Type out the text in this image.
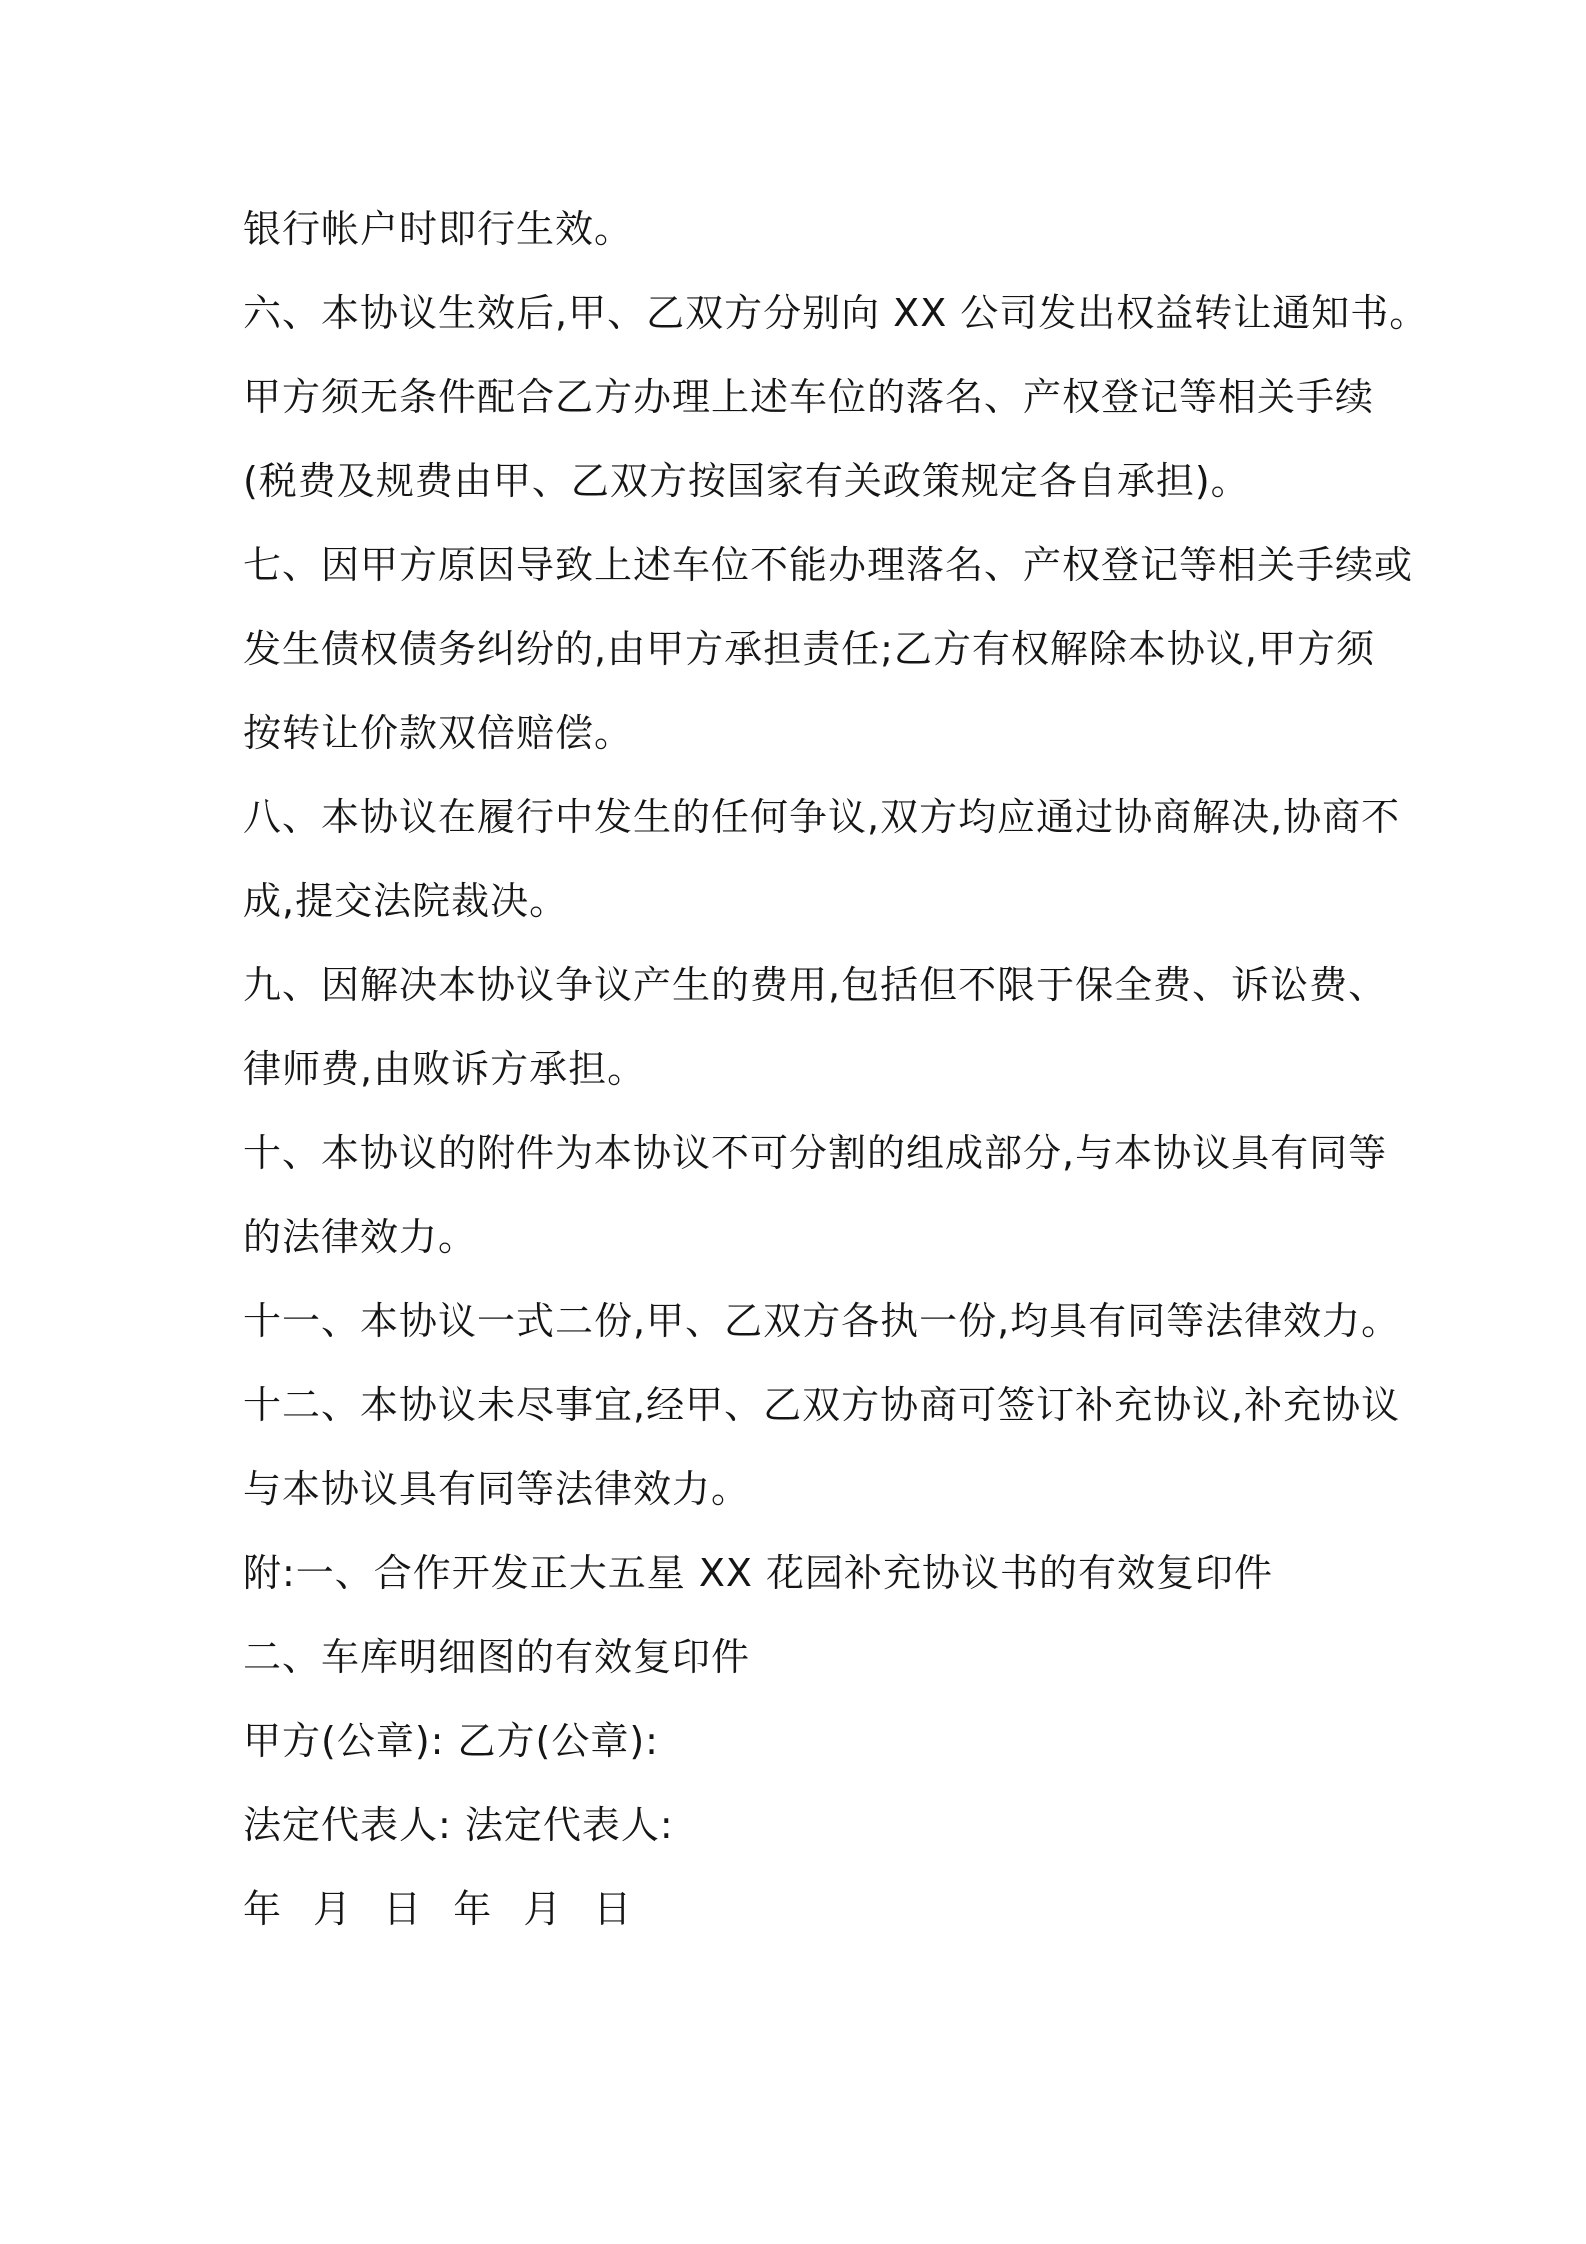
银行帐户时即行生效。
六、本协议生效后,甲、乙双方分别向 XX 公司发出权益转让通知书。
甲方须无条件配合乙方办理上述车位的落名、产权登记等相关手续
(税费及规费由甲、乙双方按国家有关政策规定各自承担)。
七、因甲方原因导致上述车位不能办理落名、产权登记等相关手续或
发生债权债务纠纷的,由甲方承担责任;乙方有权解除本协议,甲方须
按转让价款双倍赔偿。
八、本协议在履行中发生的任何争议,双方均应通过协商解决,协商不
成,提交法院裁决。
九、因解决本协议争议产生的费用,包括但不限于保全费、诉讼费、
律师费,由败诉方承担。
十、本协议的附件为本协议不可分割的组成部分,与本协议具有同等
的法律效力。
十一、本协议一式二份,甲、乙双方各执一份,均具有同等法律效力。
十二、本协议未尽事宜,经甲、乙双方协商可签订补充协议,补充协议
与本协议具有同等法律效力。
附:一、合作开发正大五星 XX 花园补充协议书的有效复印件
二、车库明细图的有效复印件
甲方(公章): 乙方(公章):
法定代表人: 法定代表人:
年 月 日 年 月 日
